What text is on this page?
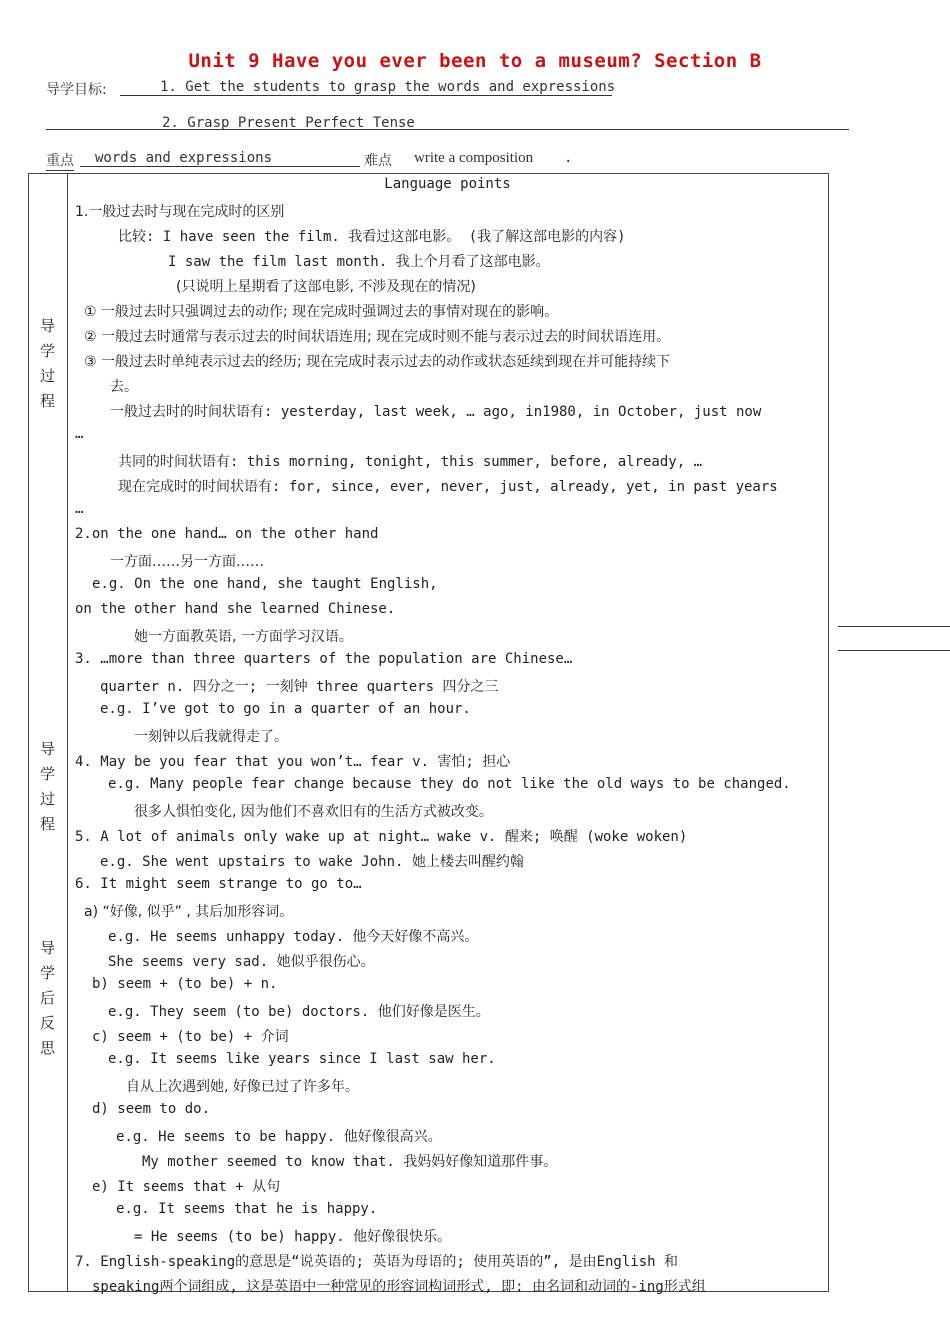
Unit 9 Have you ever been to a museum? Section B
导学目标:	1. Get the students to grasp the words and expressions
2. Grasp Present Perfect Tense
重点	words and expressions	难点 write a composition .
导
学
过
程
导
学
过
程
导
学
后
反
思
Language points
1.一般过去时与现在完成时的区别
比较: I have seen the film. 我看过这部电影。 (我了解这部电影的内容)
I saw the film last month. 我上个月看了这部电影。
(只说明上星期看了这部电影, 不涉及现在的情况)
① 一般过去时只强调过去的动作; 现在完成时强调过去的事情对现在的影响。
② 一般过去时通常与表示过去的时间状语连用; 现在完成时则不能与表示过去的时间状语连用。
③ 一般过去时单纯表示过去的经历; 现在完成时表示过去的动作或状态延续到现在并可能持续下
去。
一般过去时的时间状语有: yesterday, last week, … ago, in1980, in October, just now
…
共同的时间状语有: this morning, tonight, this summer, before, already, …
现在完成时的时间状语有: for, since, ever, never, just, already, yet, in past years
…
2.on the one hand… on the other hand
一方面……另一方面……
e.g. On the one hand, she taught English,
on the other hand she learned Chinese.
她一方面教英语, 一方面学习汉语。
3. …more than three quarters of the population are Chinese…
quarter n. 四分之一; 一刻钟 three quarters 四分之三
e.g. I’ve got to go in a quarter of an hour.
一刻钟以后我就得走了。
4. May be you fear that you won’t… fear v. 害怕; 担心
e.g. Many people fear change because they do not like the old ways to be changed.
很多人惧怕变化, 因为他们不喜欢旧有的生活方式被改变。
5. A lot of animals only wake up at night… wake v. 醒来; 唤醒 (woke woken)
e.g. She went upstairs to wake John. 她上楼去叫醒约翰
6. It might seem strange to go to…
a) “好像, 似乎” , 其后加形容词。
e.g. He seems unhappy today. 他今天好像不高兴。
She seems very sad. 她似乎很伤心。
b) seem + (to be) + n.
e.g. They seem (to be) doctors. 他们好像是医生。
c) seem + (to be) + 介词
e.g. It seems like years since I last saw her.
自从上次遇到她, 好像已过了许多年。
d) seem to do.
e.g. He seems to be happy. 他好像很高兴。
My mother seemed to know that. 我妈妈好像知道那件事。
e) It seems that + 从句
e.g. It seems that he is happy.
= He seems (to be) happy. 他好像很快乐。
7. English-speaking的意思是“说英语的; 英语为母语的; 使用英语的”, 是由English 和
speaking两个词组成, 这是英语中一种常见的形容词构词形式, 即: 由名词和动词的-ing形式组
